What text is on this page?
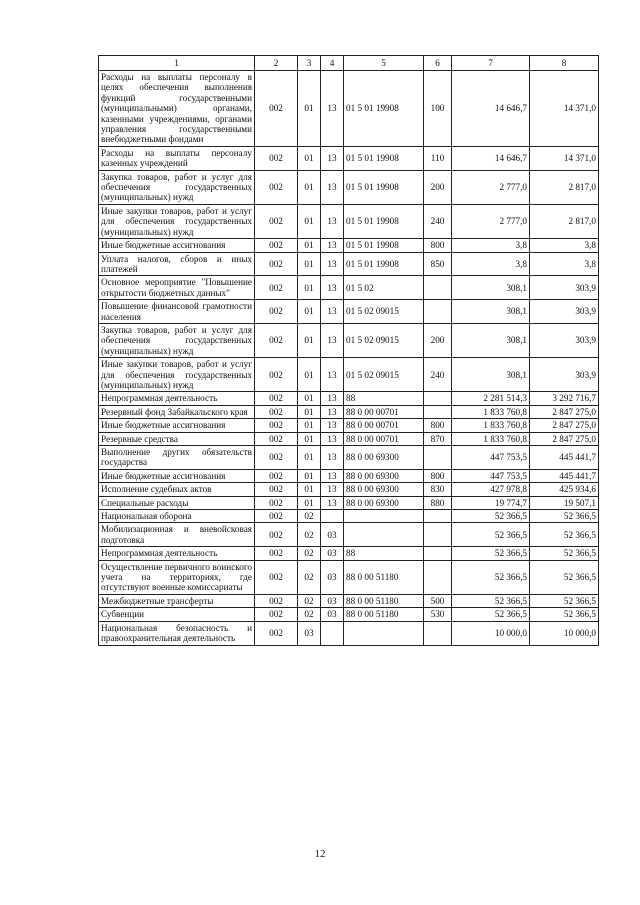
1	2	3	4	5	6	7	8
Расходы на выплаты персоналу в целях обеспечения выполнения функций государственными (муниципальными) органами, казенными учреждениями, органами управления государственными внебюджетными фондами	002	01	13	01 5 01 19908	100	14 646,7	14 371,0
Расходы на выплаты персоналу казенных учреждений	002	01	13	01 5 01 19908	110	14 646,7	14 371,0
Закупка товаров, работ и услуг для обеспечения государственных (муниципальных) нужд	002	01	13	01 5 01 19908	200	2 777,0	2 817,0
Иные закупки товаров, работ и услуг для обеспечения государственных (муниципальных) нужд	002	01	13	01 5 01 19908	240	2 777,0	2 817,0
Иные бюджетные ассигнования	002	01	13	01 5 01 19908	800	3,8	3,8
Уплата налогов, сборов и иных платежей	002	01	13	01 5 01 19908	850	3,8	3,8
Основное мероприятие "Повышение открытости бюджетных данных"	002	01	13	01 5 02		308,1	303,9
Повышение финансовой грамотности населения	002	01	13	01 5 02 09015		308,1	303,9
Закупка товаров, работ и услуг для обеспечения государственных (муниципальных) нужд	002	01	13	01 5 02 09015	200	308,1	303,9
Иные закупки товаров, работ и услуг для обеспечения государственных (муниципальных) нужд	002	01	13	01 5 02 09015	240	308,1	303,9
Непрограммная деятельность	002	01	13	88		2 281 514,3	3 292 716,7
Резервный фонд Забайкальского края	002	01	13	88 0 00 00701		1 833 760,8	2 847 275,0
Иные бюджетные ассигнования	002	01	13	88 0 00 00701	800	1 833 760,8	2 847 275,0
Резервные средства	002	01	13	88 0 00 00701	870	1 833 760,8	2 847 275,0
Выполнение других обязательств государства	002	01	13	88 0 00 69300		447 753,5	445 441,7
Иные бюджетные ассигнования	002	01	13	88 0 00 69300	800	447 753,5	445 441,7
Исполнение судебных актов	002	01	13	88 0 00 69300	830	427 978,8	425 934,6
Специальные расходы	002	01	13	88 0 00 69300	880	19 774,7	19 507,1
Национальная оборона	002	02				52 366,5	52 366,5
Мобилизационная и вневойсковая подготовка	002	02	03			52 366,5	52 366,5
Непрограммная деятельность	002	02	03	88		52 366,5	52 366,5
Осуществление первичного воинского учета на территориях, где отсутствуют военные комиссариаты	002	02	03	88 0 00 51180		52 366,5	52 366,5
Межбюджетные трансферты	002	02	03	88 0 00 51180	500	52 366,5	52 366,5
Субвенции	002	02	03	88 0 00 51180	530	52 366,5	52 366,5
Национальная безопасность и правоохранительная деятельность	002	03				10 000,0	10 000,0
12
